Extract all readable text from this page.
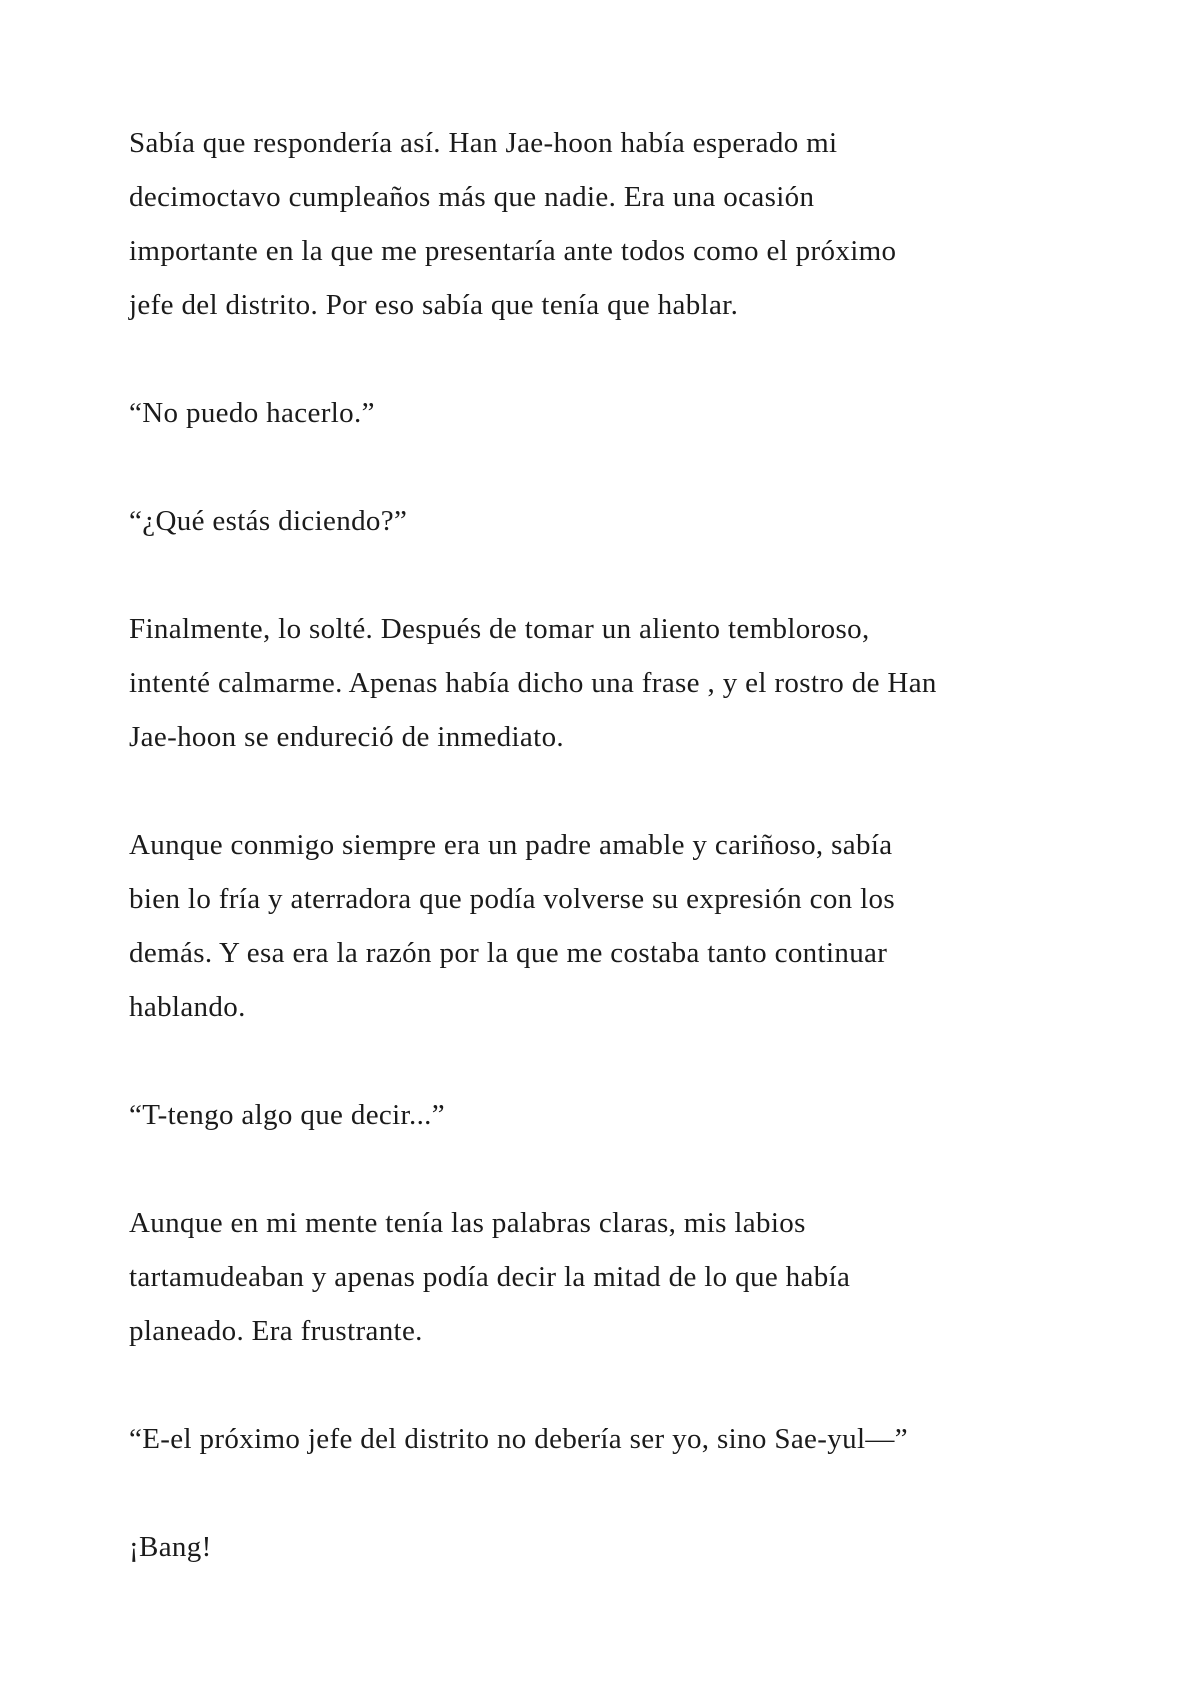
Sabía que respondería así. Han Jae-hoon había esperado mi
decimoctavo cumpleaños más que nadie. Era una ocasión
importante en la que me presentaría ante todos como el próximo
jefe del distrito. Por eso sabía que tenía que hablar.

“No puedo hacerlo.”

“¿Qué estás diciendo?”

Finalmente, lo solté. Después de tomar un aliento tembloroso,
intenté calmarme. Apenas había dicho una frase , y el rostro de Han
Jae-hoon se endureció de inmediato.

Aunque conmigo siempre era un padre amable y cariñoso, sabía
bien lo fría y aterradora que podía volverse su expresión con los
demás. Y esa era la razón por la que me costaba tanto continuar
hablando.

“T-tengo algo que decir...”

Aunque en mi mente tenía las palabras claras, mis labios
tartamudeaban y apenas podía decir la mitad de lo que había
planeado. Era frustrante.

“E-el próximo jefe del distrito no debería ser yo, sino Sae-yul—”

¡Bang!
